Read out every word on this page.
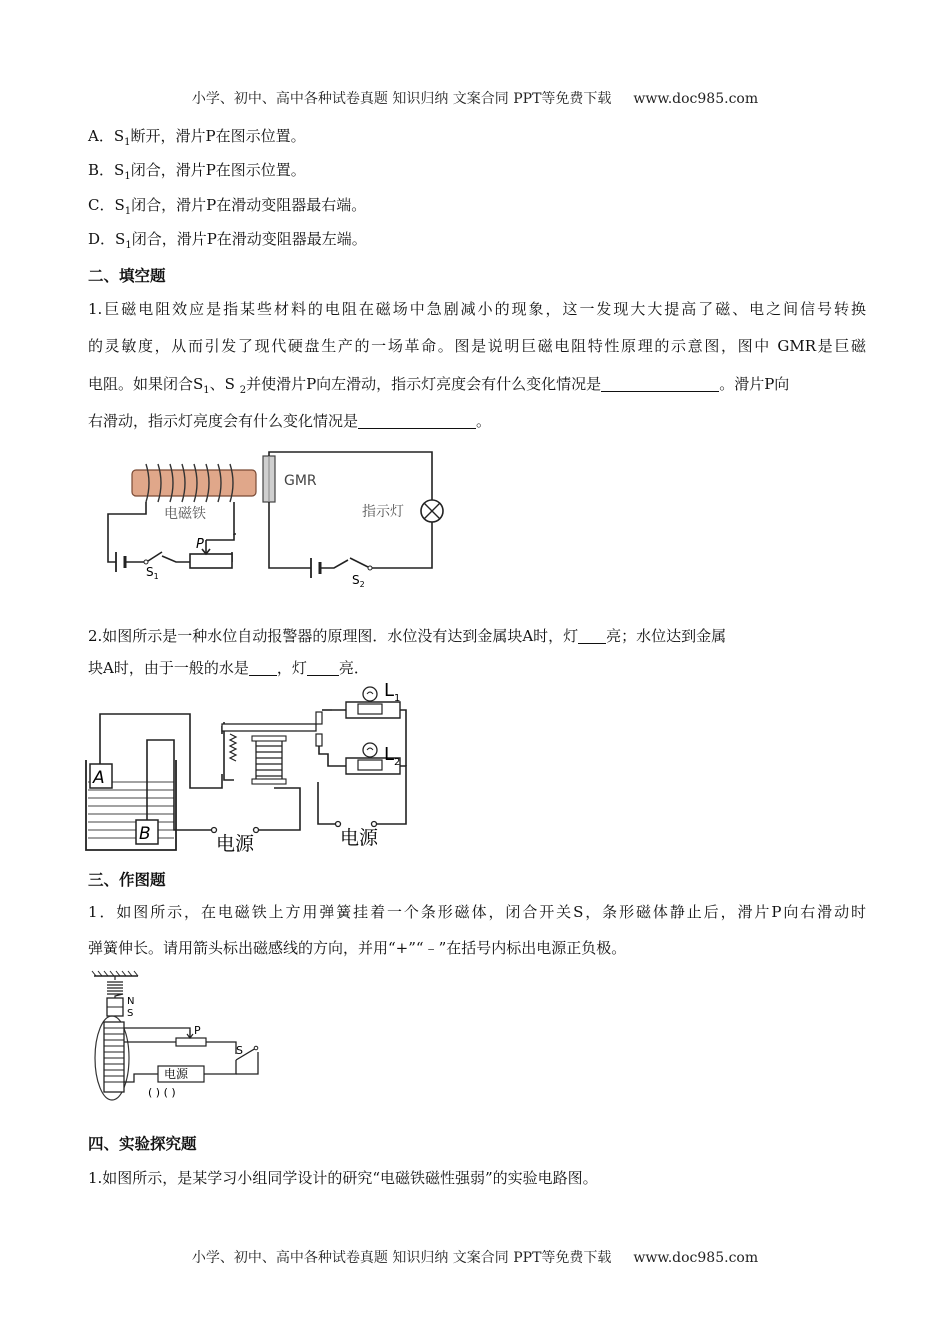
小学、初中、高中各种试卷真题 知识归纳 文案合同 PPT等免费下载 www.doc985.com
A．$S_1$断开，滑片P在图示位置。
B．$S_1$闭合，滑片P在图示位置。
C．$S_1$闭合，滑片P在滑动变阻器最右端。
D．$S_1$闭合，滑片P在滑动变阻器最左端。
二、填空题
1.巨磁电阻效应是指某些材料的电阻在磁场中急剧减小的现象，这一发现大大提高了磁、电之间信号转换
的灵敏度，从而引发了现代硬盘生产的一场革命。图是说明巨磁电阻特性原理的示意图，图中 GMR是巨磁
电阻。如果闭合$S_1$、S $_2$并使滑片P向左滑动，指示灯亮度会有什么变化情况是	。滑片P向
右滑动，指示灯亮度会有什么变化情况是	。
电磁铁
$S_1$
P
GMR
$S_2$
指示灯
2.如图所示是一种水位自动报警器的原理图．水位没有达到金属块A时，灯 亮；水位达到金属
块A时，由于一般的水是 ，灯 亮．
A
B
$L_1$
$L_2$
电源	电源
三、作图题
1．如图所示，在电磁铁上方用弹簧挂着一个条形磁体，闭合开关S，条形磁体静止后，滑片P向右滑动时
弹簧伸长。请用箭头标出磁感线的方向，并用“+”“﹣”在括号内标出电源正负极。
N
S
P
S
电源
( ) ( )
四、实验探究题
1.如图所示，是某学习小组同学设计的研究“电磁铁磁性强弱”的实验电路图。
小学、初中、高中各种试卷真题 知识归纳 文案合同 PPT等免费下载 www.doc985.com
